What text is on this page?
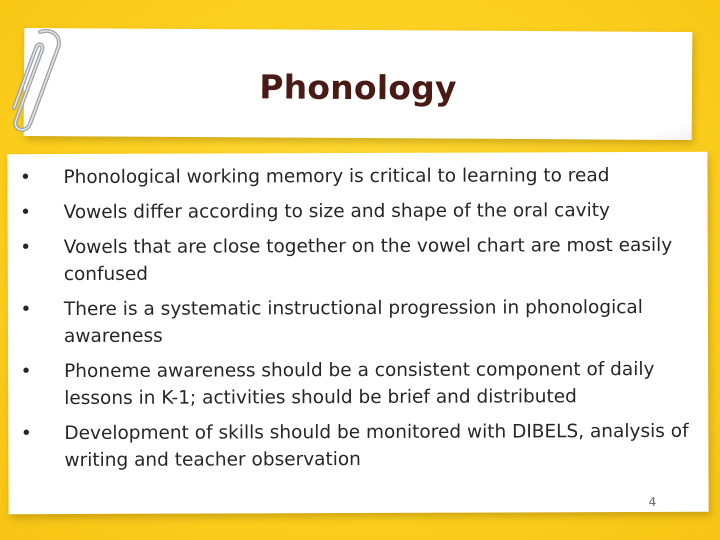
Phonology
• Phonological working memory is critical to learning to read
• Vowels differ according to size and shape of the oral cavity
• Vowels that are close together on the vowel chart are most easily confused
• There is a systematic instructional progression in phonological awareness
• Phoneme awareness should be a consistent component of daily lessons in K-1; activities should be brief and distributed
• Development of skills should be monitored with DIBELS, analysis of writing and teacher observation
4
